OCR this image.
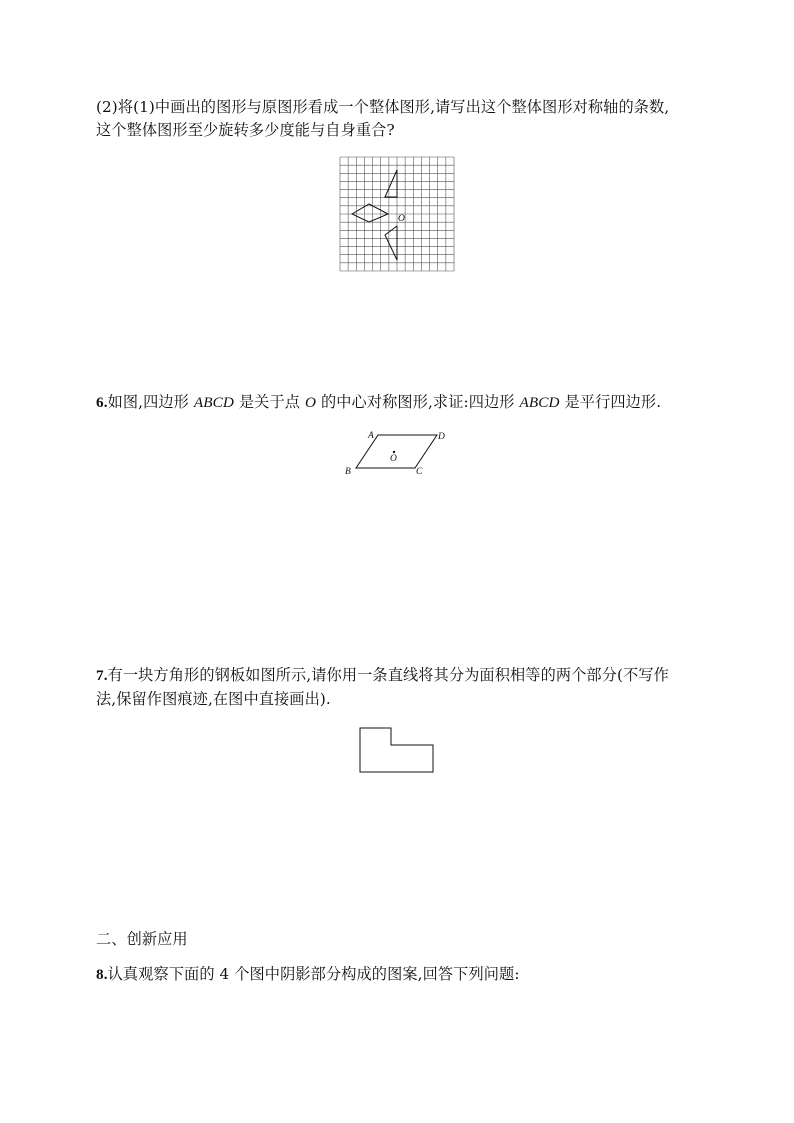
(2)将(1)中画出的图形与原图形看成一个整体图形,请写出这个整体图形对称轴的条数,
这个整体图形至少旋转多少度能与自身重合?
O
6.如图,四边形 ABCD 是关于点 O 的中心对称图形,求证:四边形 ABCD 是平行四边形.
A	D
B	C
O
7.有一块方角形的钢板如图所示,请你用一条直线将其分为面积相等的两个部分(不写作
法,保留作图痕迹,在图中直接画出).
二、创新应用
8.认真观察下面的 4 个图中阴影部分构成的图案,回答下列问题:
